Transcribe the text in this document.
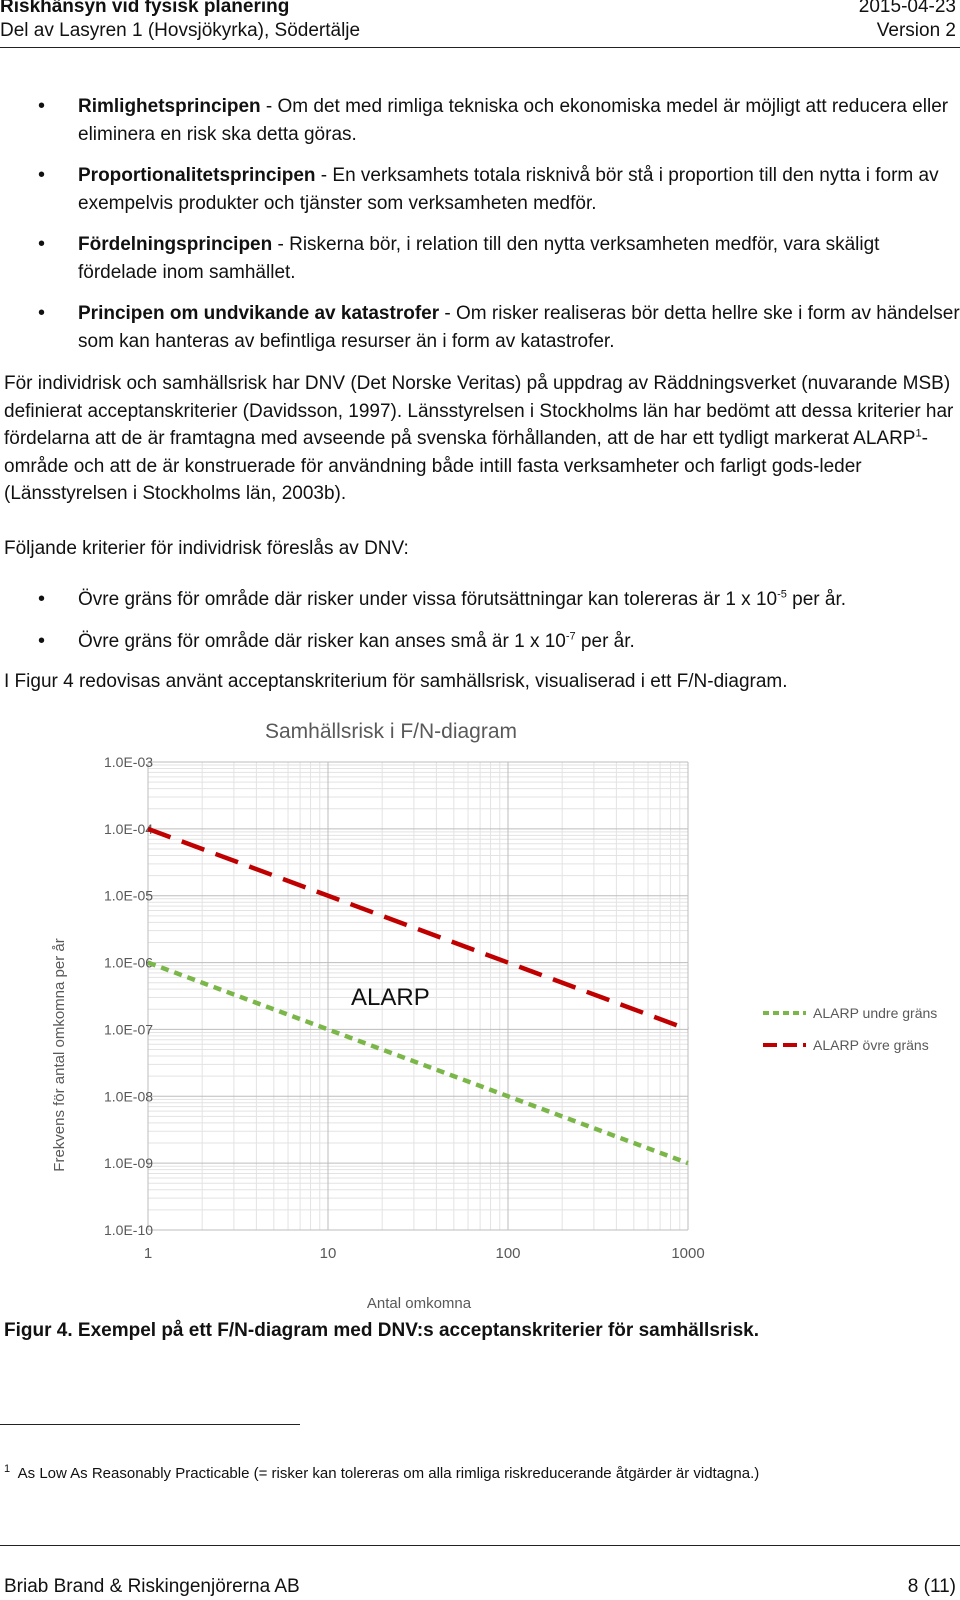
Riskhänsyn vid fysisk planering
Del av Lasyren 1 (Hovsjökyrka), Södertälje
2015-04-23
Version 2
• Rimlighetsprincipen - Om det med rimliga tekniska och ekonomiska medel är möjligt att reducera eller eliminera en risk ska detta göras.
• Proportionalitetsprincipen - En verksamhets totala risknivå bör stå i proportion till den nytta i form av exempelvis produkter och tjänster som verksamheten medför.
• Fördelningsprincipen - Riskerna bör, i relation till den nytta verksamheten medför, vara skäligt fördelade inom samhället.
• Principen om undvikande av katastrofer - Om risker realiseras bör detta hellre ske i form av händelser som kan hanteras av befintliga resurser än i form av katastrofer.
För individrisk och samhällsrisk har DNV (Det Norske Veritas) på uppdrag av Räddningsverket (nuvarande MSB) definierat acceptanskriterier (Davidsson, 1997). Länsstyrelsen i Stockholms län har bedömt att dessa kriterier har fördelarna att de är framtagna med avseende på svenska förhållanden, att de har ett tydligt markerat ALARP$^1$-område och att de är konstruerade för användning både intill fasta verksamheter och farligt gods-leder (Länsstyrelsen i Stockholms län, 2003b).
Följande kriterier för individrisk föreslås av DNV:
• Övre gräns för område där risker under vissa förutsättningar kan tolereras är 1 x $10^{-5}$ per år.
• Övre gräns för område där risker kan anses små är 1 x $10^{-7}$ per år.
I Figur 4 redovisas använt acceptanskriterium för samhällsrisk, visualiserad i ett F/N-diagram.
Samhällsrisk i F/N-diagram
1.0E-03
1.0E-04
1.0E-05
1.0E-06
1.0E-07
1.0E-08
1.0E-09
1.0E-10
1	10	100	1000
ALARP
Antal omkomna
Frekvens för antal omkomna per år	ALARP undre gräns
ALARP övre gräns
Figur 4. Exempel på ett F/N-diagram med DNV:s acceptanskriterier för samhällsrisk.
$^1$ As Low As Reasonably Practicable (= risker kan tolereras om alla rimliga riskreducerande åtgärder är vidtagna.)
Briab Brand & Riskingenjörerna AB	8 (11)
